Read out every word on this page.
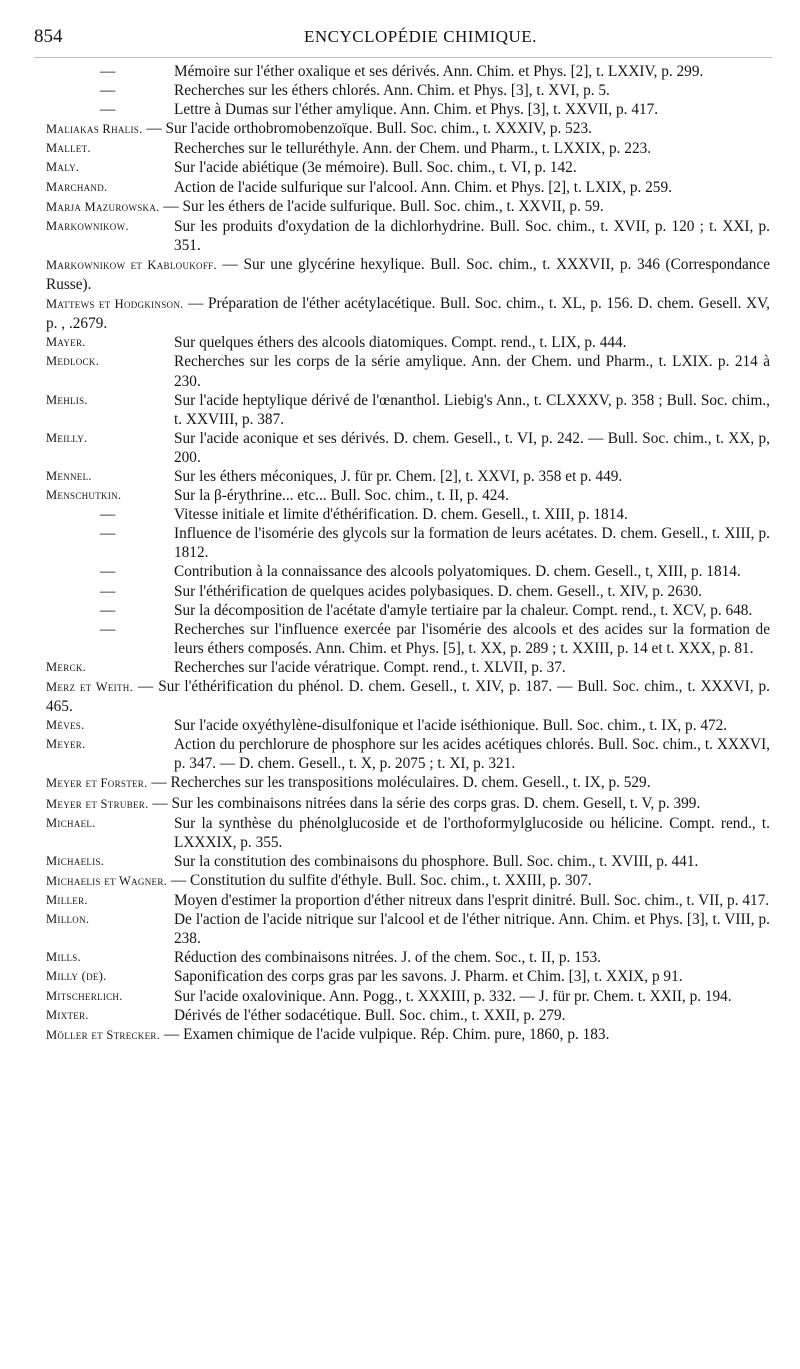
854	ENCYCLOPÉDIE CHIMIQUE.

—	Mémoire sur l'éther oxalique et ses dérivés. Ann. Chim. et Phys. [2], t. LXXIV, p. 299.

—	Recherches sur les éthers chlorés. Ann. Chim. et Phys. [3], t. XVI, p. 5.

—	Lettre à Dumas sur l'éther amylique. Ann. Chim. et Phys. [3], t. XXVII, p. 417.

Maliakas Rhalis. — Sur l'acide orthobromobenzoïque. Bull. Soc. chim., t. XXXIV, p. 523.

Mallet.	Recherches sur le telluréthyle. Ann. der Chem. und Pharm., t. LXXIX, p. 223.

Maly.	Sur l'acide abiétique (3e mémoire). Bull. Soc. chim., t. VI, p. 142.

Marchand.	Action de l'acide sulfurique sur l'alcool. Ann. Chim. et Phys. [2], t. LXIX, p. 259.

Marja Mazurowska. — Sur les éthers de l'acide sulfurique. Bull. Soc. chim., t. XXVII, p. 59.

Markownikow.	Sur les produits d'oxydation de la dichlorhydrine. Bull. Soc. chim., t. XVII, p. 120 ; t. XXI, p. 351.

Markownikow et Kabloukoff. — Sur une glycérine hexylique. Bull. Soc. chim., t. XXXVII, p. 346 (Correspondance Russe).

Mattews et Hodgkinson. — Préparation de l'éther acétylacétique. Bull. Soc. chim., t. XL, p. 156. D. chem. Gesell. XV, p. , .2679.

Mayer.	Sur quelques éthers des alcools diatomiques. Compt. rend., t. LIX, p. 444.

Medlock.	Recherches sur les corps de la série amylique. Ann. der Chem. und Pharm., t. LXIX. p. 214 à 230.

Mehlis.	Sur l'acide heptylique dérivé de l'œnanthol. Liebig's Ann., t. CLXXXV, p. 358 ; Bull. Soc. chim., t. XXVIII, p. 387.

Meilly.	Sur l'acide aconique et ses dérivés. D. chem. Gesell., t. VI, p. 242. — Bull. Soc. chim., t. XX, p, 200.

Mennel.	Sur les éthers méconiques, J. für pr. Chem. [2], t. XXVI, p. 358 et p. 449.

Menschutkin.	Sur la β-érythrine... etc... Bull. Soc. chim., t. II, p. 424.

—	Vitesse initiale et limite d'éthérification. D. chem. Gesell., t. XIII, p. 1814.

—	Influence de l'isomérie des glycols sur la formation de leurs acétates. D. chem. Gesell., t. XIII, p. 1812.

—	Contribution à la connaissance des alcools polyatomiques. D. chem. Gesell., t, XIII, p. 1814.

—	Sur l'éthérification de quelques acides polybasiques. D. chem. Gesell., t. XIV, p. 2630.

—	Sur la décomposition de l'acétate d'amyle tertiaire par la chaleur. Compt. rend., t. XCV, p. 648.

—	Recherches sur l'influence exercée par l'isomérie des alcools et des acides sur la formation de leurs éthers composés. Ann. Chim. et Phys. [5], t. XX, p. 289 ; t. XXIII, p. 14 et t. XXX, p. 81.

Merck.	Recherches sur l'acide vératrique. Compt. rend., t. XLVII, p. 37.

Merz et Weith. — Sur l'éthérification du phénol. D. chem. Gesell., t. XIV, p. 187. — Bull. Soc. chim., t. XXXVI, p. 465.

Mèves.	Sur l'acide oxyéthylène-disulfonique et l'acide iséthionique. Bull. Soc. chim., t. IX, p. 472.

Meyer.	Action du perchlorure de phosphore sur les acides acétiques chlorés. Bull. Soc. chim., t. XXXVI, p. 347. — D. chem. Gesell., t. X, p. 2075 ; t. XI, p. 321.

Meyer et Forster. — Recherches sur les transpositions moléculaires. D. chem. Gesell., t. IX, p. 529.

Meyer et Struber. — Sur les combinaisons nitrées dans la série des corps gras. D. chem. Gesell, t. V, p. 399.

Michael.	Sur la synthèse du phénolglucoside et de l'orthoformylglucoside ou hélicine. Compt. rend., t. LXXXIX, p. 355.

Michaelis.	Sur la constitution des combinaisons du phosphore. Bull. Soc. chim., t. XVIII, p. 441.

Michaelis et Wagner. — Constitution du sulfite d'éthyle. Bull. Soc. chim., t. XXIII, p. 307.

Miller.	Moyen d'estimer la proportion d'éther nitreux dans l'esprit dinitré. Bull. Soc. chim., t. VII, p. 417.

Millon.	De l'action de l'acide nitrique sur l'alcool et de l'éther nitrique. Ann. Chim. et Phys. [3], t. VIII, p. 238.

Mills.	Réduction des combinaisons nitrées. J. of the chem. Soc., t. II, p. 153.

Milly (de).	Saponification des corps gras par les savons. J. Pharm. et Chim. [3], t. XXIX, p 91.

Mitscherlich.	Sur l'acide oxalovinique. Ann. Pogg., t. XXXIII, p. 332. — J. für pr. Chem. t. XXII, p. 194.

Mixter.	Dérivés de l'éther sodacétique. Bull. Soc. chim., t. XXII, p. 279.

Möller et Strecker. — Examen chimique de l'acide vulpique. Rép. Chim. pure, 1860, p. 183.
